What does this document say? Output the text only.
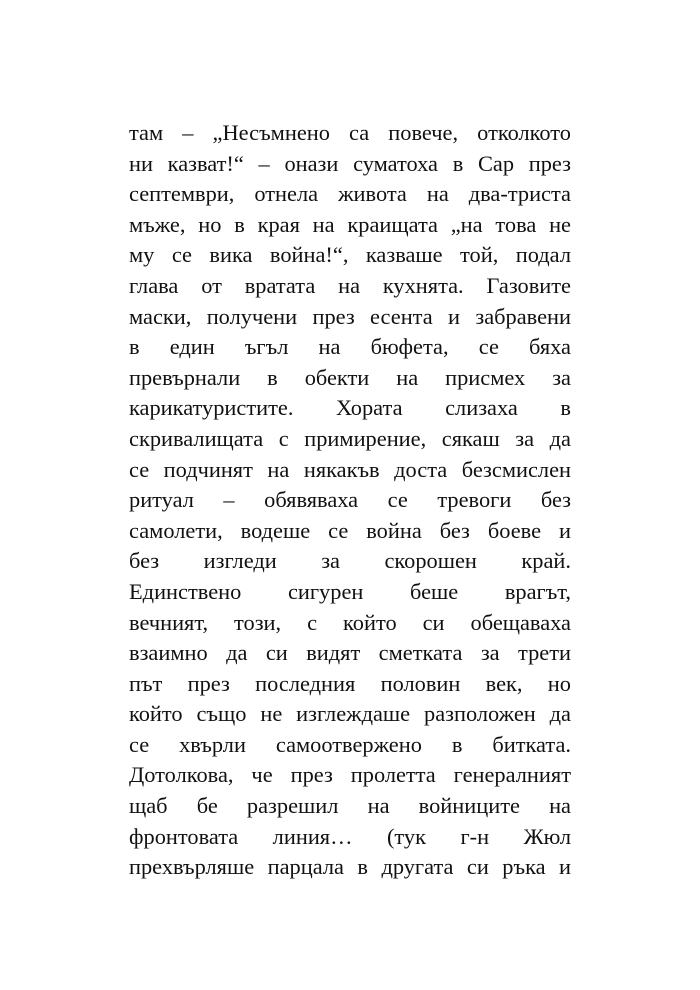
там – „Несъмнено са повече, отколкото
ни казват!“ – онази суматоха в Сар през
септември, отнела живота на два-триста
мъже, но в края на краищата „на това не
му се вика война!“, казваше той, подал
глава от вратата на кухнята. Газовите
маски, получени през есента и забравени
в един ъгъл на бюфета, се бяха
превърнали в обекти на присмех за
карикатуристите. Хората слизаха в
скривалищата с примирение, сякаш за да
се подчинят на някакъв доста безсмислен
ритуал – обявяваха се тревоги без
самолети, водеше се война без боеве и
без изгледи за скорошен край.
Единствено сигурен беше врагът,
вечният, този, с който си обещаваха
взаимно да си видят сметката за трети
път през последния половин век, но
който също не изглеждаше разположен да
се хвърли самоотвержено в битката.
Дотолкова, че през пролетта генералният
щаб бе разрешил на войниците на
фронтовата линия… (тук г-н Жюл
прехвърляше парцала в другата си ръка и
